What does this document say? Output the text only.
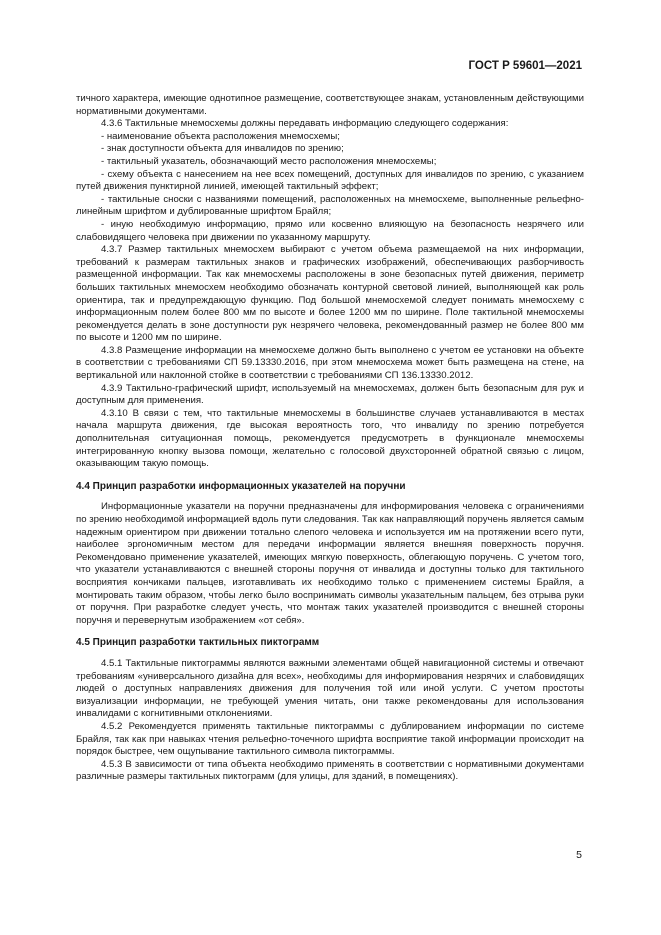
ГОСТ Р 59601—2021

тичного характера, имеющие однотипное размещение, соответствующее знакам, установленным действующими нормативными документами.

4.3.6 Тактильные мнемосхемы должны передавать информацию следующего содержания:

- наименование объекта расположения мнемосхемы;

- знак доступности объекта для инвалидов по зрению;

- тактильный указатель, обозначающий место расположения мнемосхемы;

- схему объекта с нанесением на нее всех помещений, доступных для инвалидов по зрению, с указанием путей движения пунктирной линией, имеющей тактильный эффект;

- тактильные сноски с названиями помещений, расположенных на мнемосхеме, выполненные рельефно-линейным шрифтом и дублированные шрифтом Брайля;

- иную необходимую информацию, прямо или косвенно влияющую на безопасность незрячего или слабовидящего человека при движении по указанному маршруту.

4.3.7 Размер тактильных мнемосхем выбирают с учетом объема размещаемой на них информации, требований к размерам тактильных знаков и графических изображений, обеспечивающих разборчивость размещенной информации. Так как мнемосхемы расположены в зоне безопасных путей движения, периметр больших тактильных мнемосхем необходимо обозначать контурной световой линией, выполняющей как роль ориентира, так и предупреждающую функцию. Под большой мнемосхемой следует понимать мнемосхему с информационным полем более 800 мм по высоте и более 1200 мм по ширине. Поле тактильной мнемосхемы рекомендуется делать в зоне доступности рук незрячего человека, рекомендованный размер не более 800 мм по высоте и 1200 мм по ширине.

4.3.8 Размещение информации на мнемосхеме должно быть выполнено с учетом ее установки на объекте в соответствии с требованиями СП 59.13330.2016, при этом мнемосхема может быть размещена на стене, на вертикальной или наклонной стойке в соответствии с требованиями СП 136.13330.2012.

4.3.9 Тактильно-графический шрифт, используемый на мнемосхемах, должен быть безопасным для рук и доступным для применения.

4.3.10 В связи с тем, что тактильные мнемосхемы в большинстве случаев устанавливаются в местах начала маршрута движения, где высокая вероятность того, что инвалиду по зрению потребуется дополнительная ситуационная помощь, рекомендуется предусмотреть в функционале мнемосхемы интегрированную кнопку вызова помощи, желательно с голосовой двухсторонней обратной связью с лицом, оказывающим такую помощь.

4.4 Принцип разработки информационных указателей на поручни

Информационные указатели на поручни предназначены для информирования человека с ограничениями по зрению необходимой информацией вдоль пути следования. Так как направляющий поручень является самым надежным ориентиром при движении тотально слепого человека и используется им на протяжении всего пути, наиболее эргономичным местом для передачи информации является внешняя поверхность поручня. Рекомендовано применение указателей, имеющих мягкую поверхность, облегающую поручень. С учетом того, что указатели устанавливаются с внешней стороны поручня от инвалида и доступны только для тактильного восприятия кончиками пальцев, изготавливать их необходимо только с применением системы Брайля, а монтировать таким образом, чтобы легко было воспринимать символы указательным пальцем, без отрыва руки от поручня. При разработке следует учесть, что монтаж таких указателей производится с внешней стороны поручня и перевернутым изображением «от себя».

4.5 Принцип разработки тактильных пиктограмм

4.5.1 Тактильные пиктограммы являются важными элементами общей навигационной системы и отвечают требованиям «универсального дизайна для всех», необходимы для информирования незрячих и слабовидящих людей о доступных направлениях движения для получения той или иной услуги. С учетом простоты визуализации информации, не требующей умения читать, они также рекомендованы для использования инвалидами с когнитивными отклонениями.

4.5.2 Рекомендуется применять тактильные пиктограммы с дублированием информации по системе Брайля, так как при навыках чтения рельефно-точечного шрифта восприятие такой информации происходит на порядок быстрее, чем ощупывание тактильного символа пиктограммы.

4.5.3 В зависимости от типа объекта необходимо применять в соответствии с нормативными документами различные размеры тактильных пиктограмм (для улицы, для зданий, в помещениях).

5
